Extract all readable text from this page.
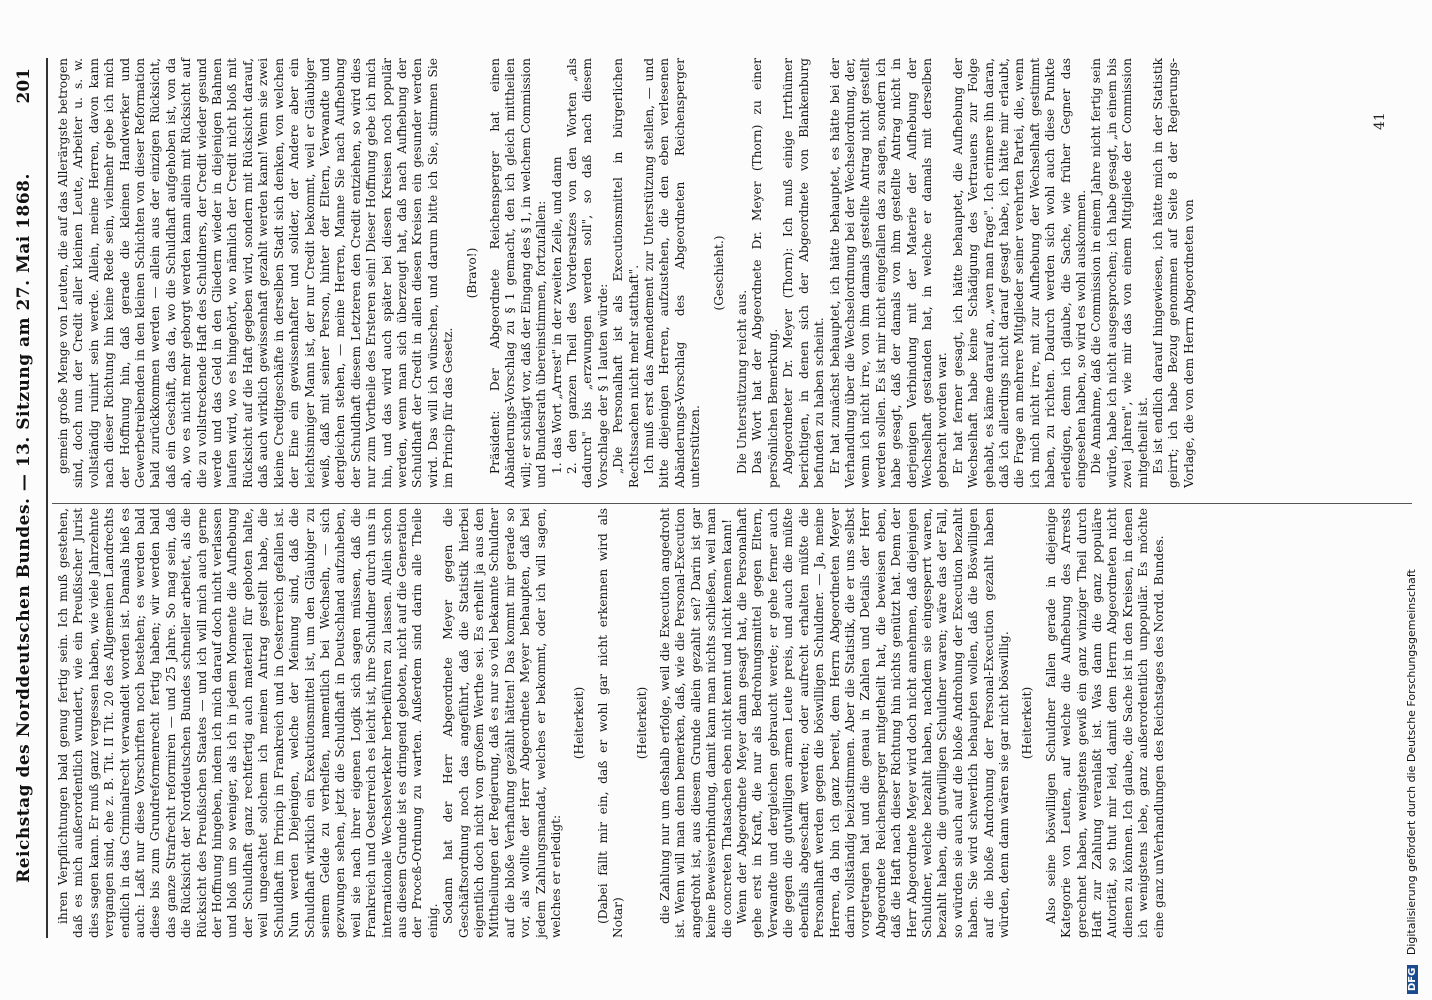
Reichstag des Norddeutschen Bundes. — 13. Sitzung am 27. Mai 1868.
201

ihren Verpflichtungen bald genug fertig sein. Ich muß gestehen, daß es mich außerordentlich wundert, wie ein Preußischer Jurist dies sagen kann. Er muß ganz vergessen haben, wie viele Jahrzehnte vergangen sind, ehe z. B. Tit. II Tit. 20 des Allgemeinen Landrechts endlich in das Criminalrecht verwandelt worden ist. Damals hieß es auch: Laßt nur diese Vorschriften noch bestehen; es werden bald diese bis zum Grundreformenrecht fertig haben; wir werden bald das ganze Strafrecht reformiren — und 25 Jahre. So mag sein, daß die Rücksicht der Norddeutschen Bundes schneller arbeitet, als die Rücksicht des Preußischen Staates — und ich will mich auch gerne der Hoffnung hingeben, indem ich mich darauf doch nicht verlassen und bloß um so weniger, als ich in jedem Momente die Aufhebung der Schuldhaft ganz rechtfertig auch materiell für geboten halte, weil ungeachtet solchem ich meinen Antrag gestellt habe, die Schuldhaft im Princip in Frankreich und in Oesterreich gefallen ist. Nun werden Diejenigen, welche der Meinung sind, daß die Schuldhaft wirklich ein Exekutionsmittel ist, um den Gläubiger zu seinem Gelde zu verhelfen, namentlich bei Wechseln, — sich gezwungen sehen, jetzt die Schuldhaft in Deutschland aufzuheben, weil sie nach ihrer eigenen Logik sich sagen müssen, daß die Frankreich und Oesterreich es leicht ist, ihre Schuldner durch uns in internationale Wechselverkehr herbeiführen zu lassen. Allein schon aus diesem Grunde ist es dringend geboten, nicht auf die Generation der Proceß-Ordnung zu warten. Außerdem sind darin alle Theile einig. Sodann hat der Herr Abgeordnete Meyer gegen die Geschäftsordnung noch das angeführt, daß die Statistik hierbei eigentlich doch nicht von großem Werthe sei. Es erhellt ja aus den Mittheilungen der Regierung, daß es nur so viel bekannte Schuldner auf die bloße Verhaftung gezählt hätten! Das kommt mir gerade so vor, als wollte der Herr Abgeordnete Meyer behaupten, daß bei jedem Zahlungsmandat, welches er bekommt, oder ich will sagen, welches er erledigt:

(Heiterkeit) (Dabei fällt mir ein, daß er wohl gar nicht erkennen wird als Notar)

(Heiterkeit) die Zahlung nur um deshalb erfolge, weil die Execution angedroht ist. Wenn will man denn bemerken, daß, wie die Personal-Execution angedroht ist, aus diesem Grunde allein gezahlt sei? Darin ist gar keine Beweisverbindung, damit kann man nichts schließen, weil man die concreten Thatsachen eben nicht kennt und nicht kennen kann! Wenn der Abgeordnete Meyer dann gesagt hat, die Personalhaft gehe erst in Kraft, die nur als Bedrohungsmittel gegen Eltern, Verwandte und dergleichen gebraucht werde; er gehe ferner auch die gegen die gutwilligen armen Leute preis, und auch die müßte ebenfalls abgeschafft werden; oder aufrecht erhalten müßte die Personalhaft werden gegen die böswilligen Schuldner. — Ja, meine Herren, da bin ich ganz bereit, dem Herrn Abgeordneten Meyer darin vollständig beizustimmen. Aber die Statistik, die er uns selbst vorgetragen hat und die genau in Zahlen und Details der Herr Abgeordnete Reichensperger mitgetheilt hat, die beweisen eben, daß die Haft nach dieser Richtung hin nichts genützt hat. Denn der Herr Abgeordnete Meyer wird doch nicht annehmen, daß diejenigen Schuldner, welche bezahlt haben, nachdem sie eingesperrt waren, bezahlt haben, die gutwilligen Schuldner waren; wäre das der Fall, so würden sie auch auf die bloße Androhung der Execution bezahlt haben. Sie wird schwerlich behaupten wollen, daß die Böswilligen auf die bloße Androhung der Personal-Execution gezahlt haben würden, denn dann wären sie gar nicht böswillig. (Heiterkeit) Also seine böswilligen Schuldner fallen gerade in diejenige Kategorie von Leuten, auf welche die Aufhebung des Arrests gerechnet haben, wenigstens gewiß ein ganz winziger Theil durch Haft zur Zahlung veranlaßt ist. Was dann die ganz populäre Autorität, so thut mir leid, damit dem Herrn Abgeordneten nicht dienen zu können. Ich glaube, die Sache ist in den Kreisen, in denen ich wenigstens lebe, ganz außerordentlich unpopulär. Es möchte eine ganz unVerhandlungen des Reichstages des Nordd. Bundes.

gemein große Menge von Leuten, die auf das Allerärgste betrogen sind, doch nun der Credit aller kleinen Leute, Arbeiter u. s. w. vollständig ruinirt sein werde. Allein, meine Herren, davon kann nach dieser Richtung hin keine Rede sein, vielmehr gebe ich mich der Hoffnung hin, daß gerade die kleinen Handwerker und Gewerbetreibenden in den kleinen Schichten von dieser Reformation bald zurückkommen werden — allein aus der einzigen Rücksicht, daß ein Geschäft, das da, wo die Schuldhaft aufgehoben ist, von da ab, wo es nicht mehr geborgt werden kann allein mit Rücksicht auf die zu vollstreckende Haft des Schuldners, der Credit wieder gesund werde und das Geld in den Gliedern wieder in diejenigen Bahnen laufen wird, wo es hingehört, wo nämlich der Credit nicht bloß mit Rücksicht auf die Haft gegeben wird, sondern mit Rücksicht darauf, daß auch wirklich gewissenhaft gezahlt werden kann! Wenn sie zwei kleine Creditgeschäfte in derselben Stadt sich denken, von welchen der Eine ein gewissenhafter und solider, der Andere aber ein leichtsinniger Mann ist, der nur Credit bekommt, weil er Gläubiger weiß, daß mit seiner Person, hinter der Eltern, Verwandte und dergleichen stehen, — meine Herren, Manne Sie nach Aufhebung der Schuldhaft diesem Letzteren den Credit entziehen, so wird dies nur zum Vortheile des Ersteren sein! Dieser Hoffnung gebe ich mich hin, und das wird auch später bei diesen Kreisen noch populär werden, wenn man sich überzeugt hat, daß nach Aufhebung der Schuldhaft der Credit in allen diesen Kreisen ein gesunder werden wird. Das will ich wünschen, und darum bitte ich Sie, stimmen Sie im Princip für das Gesetz.

(Bravo!) Präsident: Der Abgeordnete Reichensperger hat einen Abänderungs-Vorschlag zu § 1 gemacht, den ich gleich mittheilen will; er schlägt vor, daß der Eingang des § 1, in welchem Commission und Bundesrath übereinstimmen, fortzufallen: 1. das Wort „Arrest" in der zweiten Zeile, und dann 2. den ganzen Theil des Vordersatzes von den Worten „als dadurch" bis „erzwungen werden soll", so daß nach diesem Vorschlage der § 1 lauten würde: „Die Personalhaft ist als Executionsmittel in bürgerlichen Rechtssachen nicht mehr statthaft". Ich muß erst das Amendement zur Unterstützung stellen, — und bitte diejenigen Herren, aufzustehen, die den eben verlesenen Abänderungs-Vorschlag des Abgeordneten Reichensperger unterstützen.

(Geschieht.)

Die Unterstützung reicht aus. Das Wort hat der Abgeordnete Dr. Meyer (Thorn) zu einer persönlichen Bemerkung. Abgeordneter Dr. Meyer (Thorn): Ich muß einige Irrthümer berichtigen, in denen sich der Abgeordnete von Blankenburg befunden zu haben scheint. Er hat zunächst behauptet, ich hätte behauptet, es hätte bei der Verhandlung über die Wechselordnung bei der Wechselordnung, der, wenn ich nicht irre, von ihm damals gestellte Antrag nicht gestellt werden sollen. Es ist mir nicht eingefallen das zu sagen, sondern ich habe gesagt, daß der damals von ihm gestellte Antrag nicht in derjenigen Verbindung mit der Materie der Aufhebung der Wechselhaft gestanden hat, in welche er damals mit derselben gebracht worden war. Er hat ferner gesagt, ich hätte behauptet, die Aufhebung der Wechselhaft habe keine Schädigung des Vertrauens zur Folge gehabt, es käme darauf an, „wen man frage". Ich erinnere ihn daran, daß ich allerdings nicht darauf gesagt habe, ich hätte mir erlaubt, die Frage an mehrere Mitglieder seiner verehrten Partei, die, wenn ich mich nicht irre, mit zur Aufhebung der Wechselhaft gestimmt haben, zu richten. Dadurch werden sich wohl auch diese Punkte erledigen, denn ich glaube, die Sache, wie früher Gegner das eingesehen haben, so wird es wohl auskommen. Die Annahme, daß die Commission in einem Jahre nicht fertig sein würde, habe ich nicht ausgesprochen; ich habe gesagt, „in einem bis zwei Jahren", wie mir das von einem Mitgliede der Commission mitgetheilt ist. Es ist endlich darauf hingewiesen, ich hätte mich in der Statistik geirrt; ich habe Bezug genommen auf Seite 8 der Regierungs-Vorlage, die von dem Herrn Abgeordneten von

41
DFG Digitalisierung gefördert durch die Deutsche Forschungsgemeinschaft
